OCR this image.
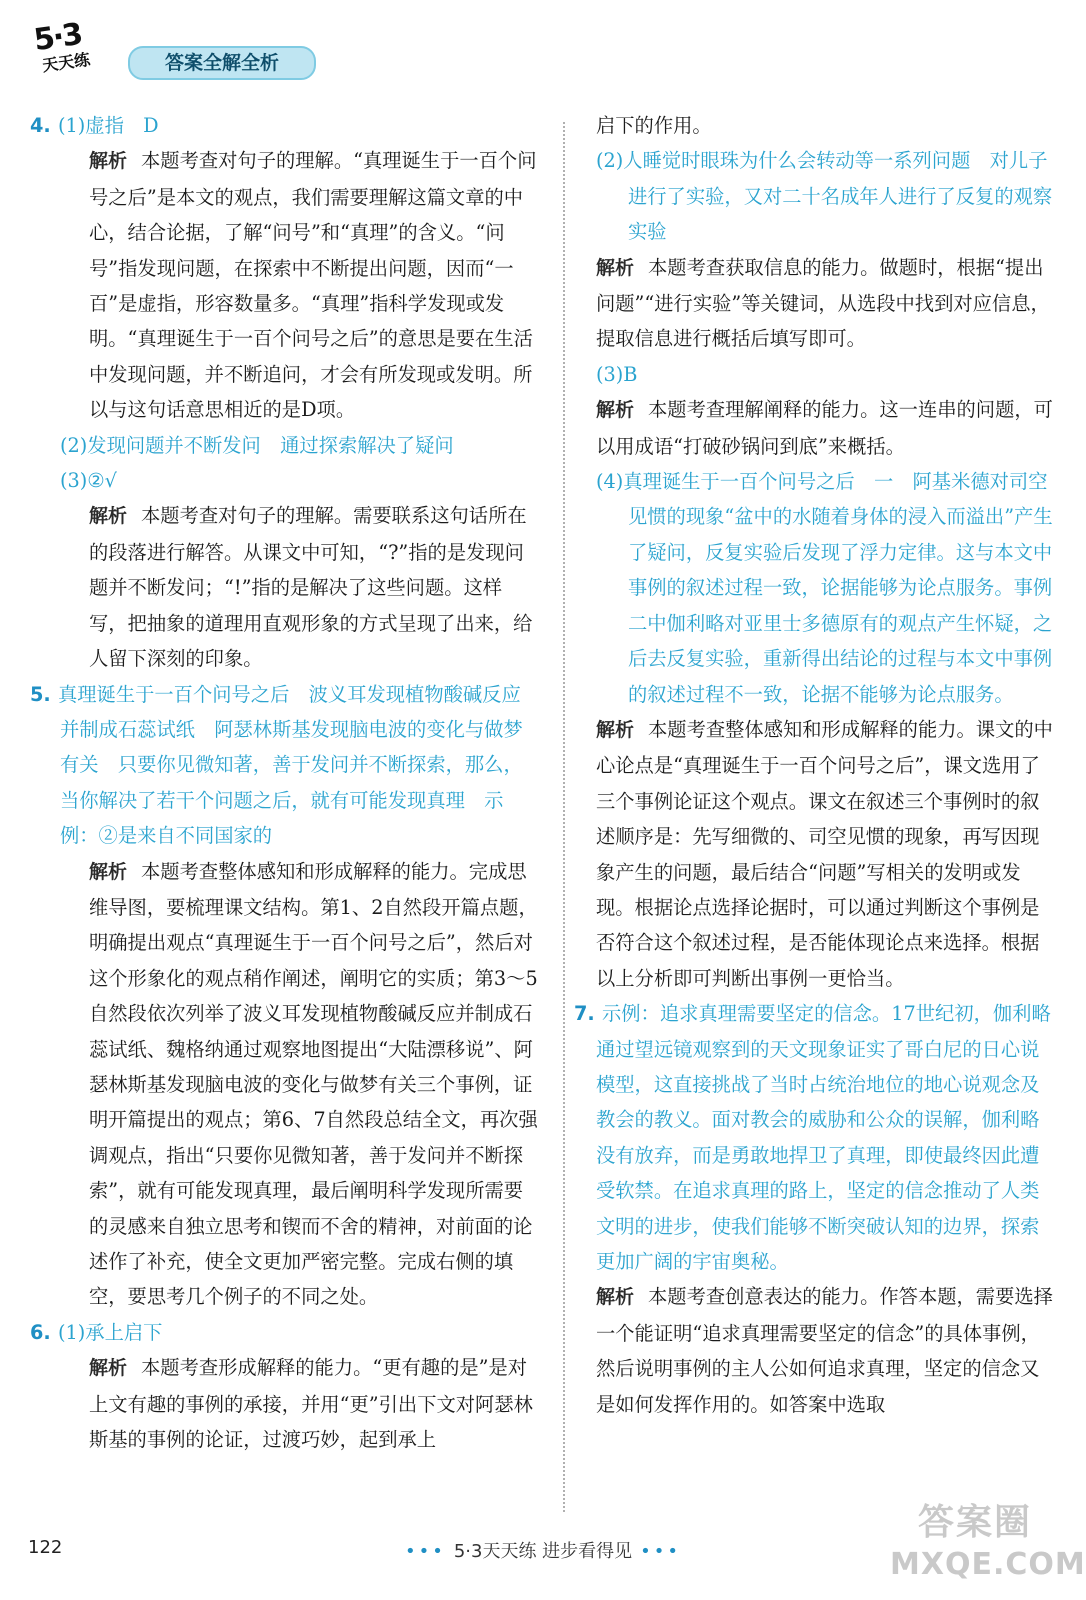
5·3
天天练	答案全解全析

4. (1)虚指　D

解析 本题考查对句子的理解。“真理诞生于一百个问号之后”是本文的观点，我们需要理解这篇文章的中心，结合论据，了解“问号”和“真理”的含义。“问号”指发现问题，在探索中不断提出问题，因而“一百”是虚指，形容数量多。“真理”指科学发现或发明。“真理诞生于一百个问号之后”的意思是要在生活中发现问题，并不断追问，才会有所发现或发明。所以与这句话意思相近的是D项。

(2)发现问题并不断发问　通过探索解决了疑问

(3)②√

解析 本题考查对句子的理解。需要联系这句话所在的段落进行解答。从课文中可知，“?”指的是发现问题并不断发问；“!”指的是解决了这些问题。这样写，把抽象的道理用直观形象的方式呈现了出来，给人留下深刻的印象。

5. 真理诞生于一百个问号之后　波义耳发现植物酸碱反应并制成石蕊试纸　阿瑟林斯基发现脑电波的变化与做梦有关　只要你见微知著，善于发问并不断探索，那么，当你解决了若干个问题之后，就有可能发现真理　示例：②是来自不同国家的

解析 本题考查整体感知和形成解释的能力。完成思维导图，要梳理课文结构。第1、2自然段开篇点题，明确提出观点“真理诞生于一百个问号之后”，然后对这个形象化的观点稍作阐述，阐明它的实质；第3～5自然段依次列举了波义耳发现植物酸碱反应并制成石蕊试纸、魏格纳通过观察地图提出“大陆漂移说”、阿瑟林斯基发现脑电波的变化与做梦有关三个事例，证明开篇提出的观点；第6、7自然段总结全文，再次强调观点，指出“只要你见微知著，善于发问并不断探索”，就有可能发现真理，最后阐明科学发现所需要的灵感来自独立思考和锲而不舍的精神，对前面的论述作了补充，使全文更加严密完整。完成右侧的填空，要思考几个例子的不同之处。

6. (1)承上启下

解析 本题考查形成解释的能力。“更有趣的是”是对上文有趣的事例的承接，并用“更”引出下文对阿瑟林斯基的事例的论证，过渡巧妙，起到承上

启下的作用。

(2)人睡觉时眼珠为什么会转动等一系列问题　对儿子进行了实验，又对二十名成年人进行了反复的观察实验

解析 本题考查获取信息的能力。做题时，根据“提出问题”“进行实验”等关键词，从选段中找到对应信息，提取信息进行概括后填写即可。

(3)B

解析 本题考查理解阐释的能力。这一连串的问题，可以用成语“打破砂锅问到底”来概括。

(4)真理诞生于一百个问号之后　一　阿基米德对司空见惯的现象“盆中的水随着身体的浸入而溢出”产生了疑问，反复实验后发现了浮力定律。这与本文中事例的叙述过程一致，论据能够为论点服务。事例二中伽利略对亚里士多德原有的观点产生怀疑，之后去反复实验，重新得出结论的过程与本文中事例的叙述过程不一致，论据不能够为论点服务。

解析 本题考查整体感知和形成解释的能力。课文的中心论点是“真理诞生于一百个问号之后”，课文选用了三个事例论证这个观点。课文在叙述三个事例时的叙述顺序是：先写细微的、司空见惯的现象，再写因现象产生的问题，最后结合“问题”写相关的发明或发现。根据论点选择论据时，可以通过判断这个事例是否符合这个叙述过程，是否能体现论点来选择。根据以上分析即可判断出事例一更恰当。

7. 示例：追求真理需要坚定的信念。17世纪初，伽利略通过望远镜观察到的天文现象证实了哥白尼的日心说模型，这直接挑战了当时占统治地位的地心说观念及教会的教义。面对教会的威胁和公众的误解，伽利略没有放弃，而是勇敢地捍卫了真理，即使最终因此遭受软禁。在追求真理的路上，坚定的信念推动了人类文明的进步，使我们能够不断突破认知的边界，探索更加广阔的宇宙奥秘。

解析 本题考查创意表达的能力。作答本题，需要选择一个能证明“追求真理需要坚定的信念”的具体事例，然后说明事例的主人公如何追求真理，坚定的信念又是如何发挥作用的。如答案中选取

122	••• 5·3天天练 进步看得见 •••
答案圈
MXQE.COM
